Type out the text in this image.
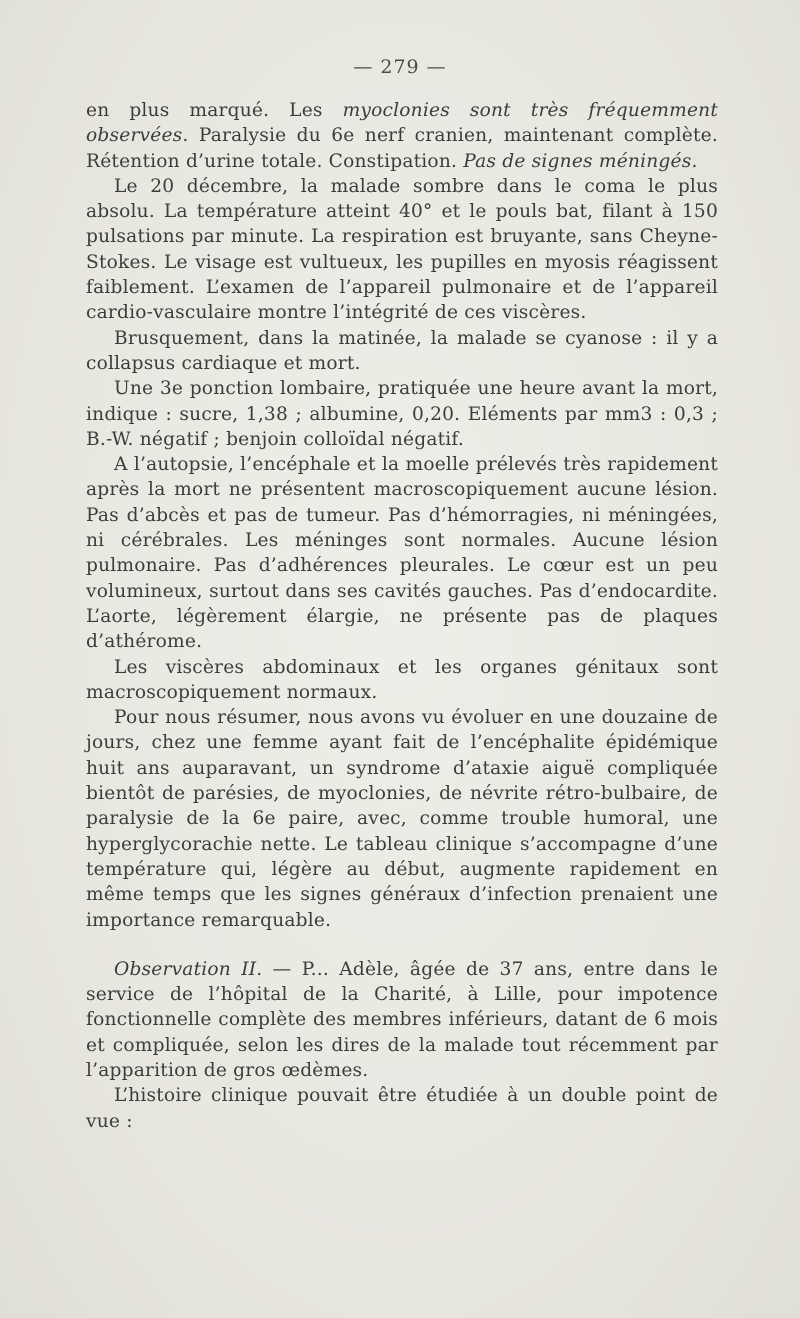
— 279 —

en plus marqué. Les myoclonies sont très fréquemment observées. Paralysie du 6e nerf cranien, maintenant complète. Rétention d’urine totale. Constipation. Pas de signes méningés.

Le 20 décembre, la malade sombre dans le coma le plus absolu. La température atteint 40° et le pouls bat, filant à 150 pulsations par minute. La respiration est bruyante, sans Cheyne-Stokes. Le visage est vultueux, les pupilles en myosis réagissent faiblement. L’examen de l’appareil pulmonaire et de l’appareil cardio-vasculaire montre l’intégrité de ces viscères.

Brusquement, dans la matinée, la malade se cyanose : il y a collapsus cardiaque et mort.

Une 3e ponction lombaire, pratiquée une heure avant la mort, indique : sucre, 1,38 ; albumine, 0,20. Eléments par mm3 : 0,3 ; B.-W. négatif ; benjoin colloïdal négatif.

A l’autopsie, l’encéphale et la moelle prélevés très rapidement après la mort ne présentent macroscopiquement aucune lésion. Pas d’abcès et pas de tumeur. Pas d’hémorragies, ni méningées, ni cérébrales. Les méninges sont normales. Aucune lésion pulmonaire. Pas d’adhérences pleurales. Le cœur est un peu volumineux, surtout dans ses cavités gauches. Pas d’endocardite. L’aorte, légèrement élargie, ne présente pas de plaques d’athérome.

Les viscères abdominaux et les organes génitaux sont macroscopiquement normaux.

Pour nous résumer, nous avons vu évoluer en une douzaine de jours, chez une femme ayant fait de l’encéphalite épidémique huit ans auparavant, un syndrome d’ataxie aiguë compliquée bientôt de parésies, de myoclonies, de névrite rétro-bulbaire, de paralysie de la 6e paire, avec, comme trouble humoral, une hyperglycorachie nette. Le tableau clinique s’accompagne d’une température qui, légère au début, augmente rapidement en même temps que les signes généraux d’infection prenaient une importance remarquable.

Observation II. — P... Adèle, âgée de 37 ans, entre dans le service de l’hôpital de la Charité, à Lille, pour impotence fonctionnelle complète des membres inférieurs, datant de 6 mois et compliquée, selon les dires de la malade tout récemment par l’apparition de gros œdèmes.

L’histoire clinique pouvait être étudiée à un double point de vue :
